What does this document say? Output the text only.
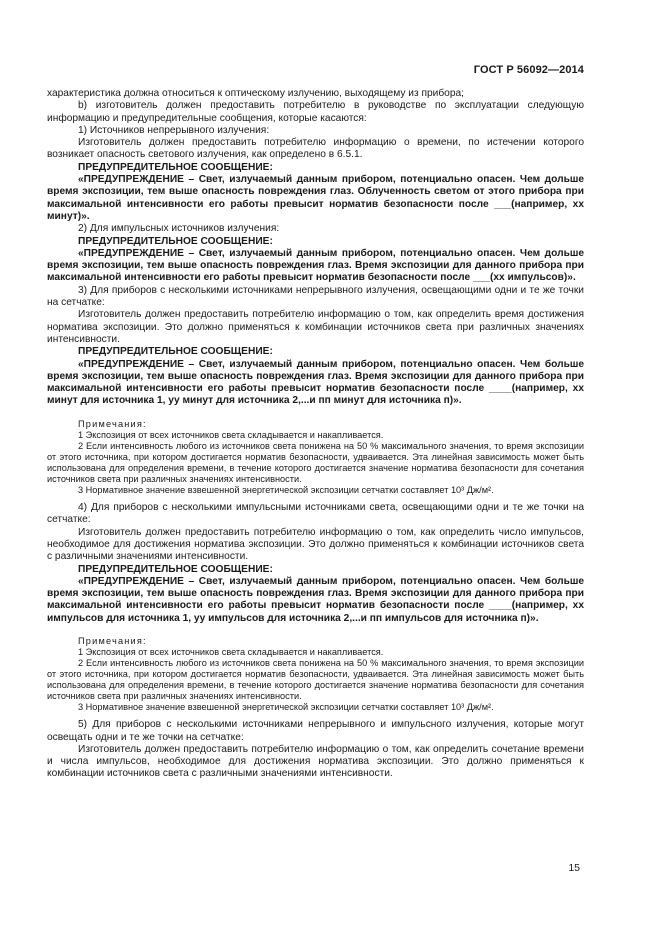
ГОСТ Р 56092—2014

характеристика должна относиться к оптическому излучению, выходящему из прибора;

b) изготовитель должен предоставить потребителю в руководстве по эксплуатации следующую информацию и предупредительные сообщения, которые касаются:

1) Источников непрерывного излучения:

Изготовитель должен предоставить потребителю информацию о времени, по истечении которого возникает опасность светового излучения, как определено в 6.5.1.

ПРЕДУПРЕДИТЕЛЬНОЕ СООБЩЕНИЕ:

«ПРЕДУПРЕЖДЕНИЕ – Свет, излучаемый данным прибором, потенциально опасен. Чем дольше время экспозиции, тем выше опасность повреждения глаз. Облученность светом от этого прибора при максимальной интенсивности его работы превысит норматив безопасности после ___(например, хх минут)».

2) Для импульсных источников излучения:

ПРЕДУПРЕДИТЕЛЬНОЕ СООБЩЕНИЕ:

«ПРЕДУПРЕЖДЕНИЕ – Свет, излучаемый данным прибором, потенциально опасен. Чем дольше время экспозиции, тем выше опасность повреждения глаз. Время экспозиции для данного прибора при максимальной интенсивности его работы превысит норматив безопасности после ___(хх импульсов)».

3) Для приборов с несколькими источниками непрерывного излучения, освещающими одни и те же точки на сетчатке:

Изготовитель должен предоставить потребителю информацию о том, как определить время достижения норматива экспозиции. Это должно применяться к комбинации источников света при различных значениях интенсивности.

ПРЕДУПРЕДИТЕЛЬНОЕ СООБЩЕНИЕ:

«ПРЕДУПРЕЖДЕНИЕ – Свет, излучаемый данным прибором, потенциально опасен. Чем больше время экспозиции, тем выше опасность повреждения глаз. Время экспозиции для данного прибора при максимальной интенсивности его работы превысит норматив безопасности после ____(например, хх минут для источника 1, уу минут для источника 2,...и пп минут для источника п)».

Примечания:

1 Экспозиция от всех источников света складывается и накапливается.

2 Если интенсивность любого из источников света понижена на 50 % максимального значения, то время экспозиции от этого источника, при котором достигается норматив безопасности, удваивается. Эта линейная зависимость может быть использована для определения времени, в течение которого достигается значение норматива безопасности для сочетания источников света при различных значениях интенсивности.

3 Нормативное значение взвешенной энергетической экспозиции сетчатки составляет 10³ Дж/м².

4) Для приборов с несколькими импульсными источниками света, освещающими одни и те же точки на сетчатке:

Изготовитель должен предоставить потребителю информацию о том, как определить число импульсов, необходимое для достижения норматива экспозиции. Это должно применяться к комбинации источников света с различными значениями интенсивности.

ПРЕДУПРЕДИТЕЛЬНОЕ СООБЩЕНИЕ:

«ПРЕДУПРЕЖДЕНИЕ – Свет, излучаемый данным прибором, потенциально опасен. Чем больше время экспозиции, тем выше опасность повреждения глаз. Время экспозиции для данного прибора при максимальной интенсивности его работы превысит норматив безопасности после ____(например, хх импульсов для источника 1, уу импульсов для источника 2,...и пп импульсов для источника п)».

Примечания:

1 Экспозиция от всех источников света складывается и накапливается.

2 Если интенсивность любого из источников света понижена на 50 % максимального значения, то время экспозиции от этого источника, при котором достигается норматив безопасности, удваивается. Эта линейная зависимость может быть использована для определения времени, в течение которого достигается значение норматива безопасности для сочетания источников света при различных значениях интенсивности.

3 Нормативное значение взвешенной энергетической экспозиции сетчатки составляет 10³ Дж/м².

5) Для приборов с несколькими источниками непрерывного и импульсного излучения, которые могут освещать одни и те же точки на сетчатке:

Изготовитель должен предоставить потребителю информацию о том, как определить сочетание времени и числа импульсов, необходимое для достижения норматива экспозиции. Это должно применяться к комбинации источников света с различными значениями интенсивности.

15
